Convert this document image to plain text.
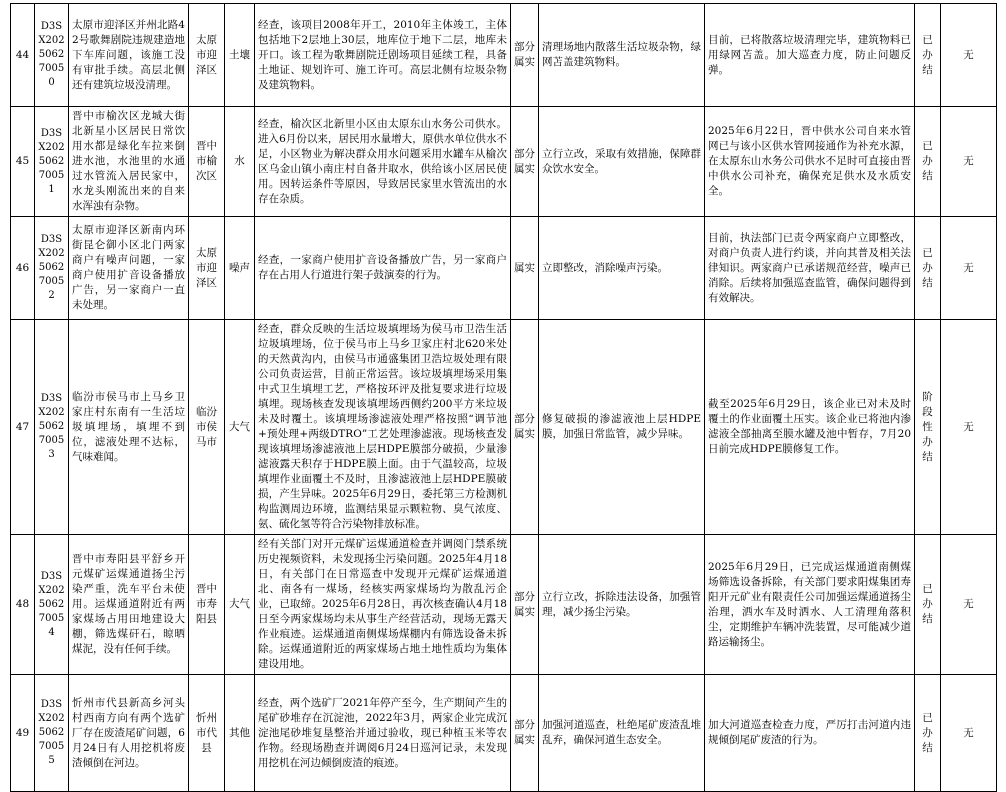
44	D3SX202506270050	太原市迎泽区并州北路42号歌舞剧院违规建造地下车库问题，该施工没有审批手续。高层北侧还有建筑垃圾没清理。	太原市迎泽区	土壤	经查，该项目2008年开工，2010年主体竣工，主体包括地下2层地上30层，地库位于地下二层，地库未开口。该工程为歌舞剧院迁剧场项目延续工程，具备土地证、规划许可、施工许可。高层北侧有垃圾杂物及建筑物料。	部分属实	清理场地内散落生活垃圾杂物，绿网苫盖建筑物料。	目前，已将散落垃圾清理完毕，建筑物料已用绿网苫盖。加大巡查力度，防止问题反弹。	已办结	无
45	D3SX202506270051	晋中市榆次区龙城大街北新星小区居民日常饮用水都是绿化车拉来倒进水池，水池里的水通过水管流入居民家中，水龙头刚流出来的自来水浑浊有杂物。	晋中市榆次区	水	经查，榆次区北新里小区由太原东山水务公司供水。进入6月份以来，居民用水量增大，原供水单位供水不足，小区物业为解决群众用水问题采用水罐车从榆次区乌金山镇小南庄村自备井取水，供给该小区居民使用。因转运条件等原因，导致居民家里水管流出的水存在杂质。	部分属实	立行立改，采取有效措施，保障群众饮水安全。	2025年6月22日，晋中供水公司自来水管网已与该小区供水管网接通作为补充水源，在太原东山水务公司供水不足时可直接由晋中供水公司补充，确保充足供水及水质安全。	已办结	无
46	D3SX202506270052	太原市迎泽区新南内环街昆仑御小区北门两家商户有噪声问题，一家商户使用扩音设备播放广告，另一家商户一直未处理。	太原市迎泽区	噪声	经查，一家商户使用扩音设备播放广告，另一家商户存在占用人行道进行架子鼓演奏的行为。	属实	立即整改，消除噪声污染。	目前，执法部门已责令两家商户立即整改，对商户负责人进行约谈，并向其普及相关法律知识。两家商户已承诺规范经营，噪声已消除。后续将加强巡查监管，确保问题得到有效解决。	已办结	无
47	D3SX202506270053	临汾市侯马市上马乡卫家庄村东南有一生活垃圾填埋场，填埋不到位，滤液处理不达标，气味难闻。	临汾市侯马市	大气	经查，群众反映的生活垃圾填埋场为侯马市卫浩生活垃圾填埋场，位于侯马市上马乡卫家庄村北620米处的天然黄沟内，由侯马市通盛集团卫浩垃圾处理有限公司负责运营，目前正常运营。该垃圾填埋场采用集中式卫生填埋工艺，严格按环评及批复要求进行垃圾填埋。现场核查发现该填埋场西侧约200平方米垃圾未及时覆土。该填埋场渗滤液处理严格按照“调节池+预处理+两级DTRO”工艺处理渗滤液。现场核查发现该填埋场渗滤液池上层HDPE膜部分破损，少量渗滤液露天积存于HDPE膜上面。由于气温较高，垃圾填埋作业面覆土不及时，且渗滤液池上层HDPE膜破损，产生异味。2025年6月29日，委托第三方检测机构监测周边环境，监测结果显示颗粒物、臭气浓度、氨、硫化氢等符合污染物排放标准。	部分属实	修复破损的渗滤液池上层HDPE膜，加强日常监管，减少异味。	截至2025年6月29日，该企业已对未及时覆土的作业面覆土压实。该企业已将池内渗滤液全部抽离至膜水罐及池中暂存，7月20日前完成HDPE膜修复工作。	阶段性办结	无
48	D3SX202506270054	晋中市寿阳县平舒乡开元煤矿运煤通道扬尘污染严重，洗车平台未使用。运煤通道附近有两家煤场占用田地建设大棚，筛选煤矸石，晾晒煤泥，没有任何手续。	晋中市寿阳县	大气	经有关部门对开元煤矿运煤通道检查并调阅门禁系统历史视频资料，未发现扬尘污染问题。2025年4月18日，有关部门在日常巡查中发现开元煤矿运煤通道北、南各有一煤场，经核实两家煤场均为散乱污企业，已取缔。2025年6月28日，再次核查确认4月18日至今两家煤场均未从事生产经营活动，现场无露天作业痕迹。运煤通道南侧煤场煤棚内有筛选设备未拆除。运煤通道附近的两家煤场占地土地性质均为集体建设用地。	部分属实	立行立改，拆除违法设备，加强管理，减少扬尘污染。	2025年6月29日，已完成运煤通道南侧煤场筛选设备拆除，有关部门要求阳煤集团寿阳开元矿业有限责任公司加强运煤通道扬尘治理，洒水车及时洒水、人工清理角落积尘，定期维护车辆冲洗装置，尽可能减少道路运输扬尘。	已办结	无
49	D3SX202506270055	忻州市代县新高乡河头村西南方向有两个选矿厂存在废渣尾矿问题，6月24日有人用挖机将废渣倾倒在河边。	忻州市代县	其他	经查，两个选矿厂2021年停产至今，生产期间产生的尾矿砂堆存在沉淀池，2022年3月，两家企业完成沉淀池尾砂堆复垦整治并通过验收，现已种植玉米等农作物。经现场勘查并调阅6月24日巡河记录，未发现用挖机在河边倾倒废渣的痕迹。	部分属实	加强河道巡查，杜绝尾矿废渣乱堆乱弃，确保河道生态安全。	加大河道巡查检查力度，严厉打击河道内违规倾倒尾矿废渣的行为。	已办结	无
